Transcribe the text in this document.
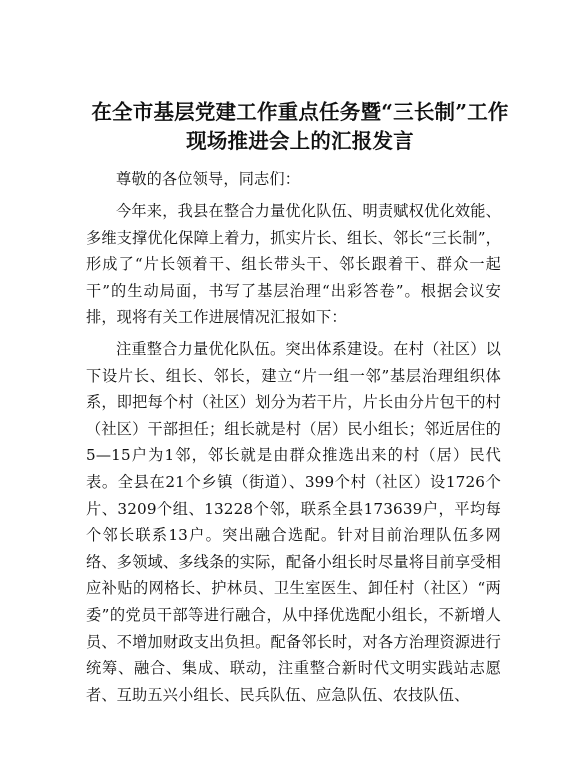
在全市基层党建工作重点任务暨“三长制”工作现场推进会上的汇报发言

尊敬的各位领导，同志们：

今年来，我县在整合力量优化队伍、明责赋权优化效能、多维支撑优化保障上着力，抓实片长、组长、邻长“三长制”，形成了“片长领着干、组长带头干、邻长跟着干、群众一起干”的生动局面，书写了基层治理“出彩答卷”。根据会议安排，现将有关工作进展情况汇报如下：

注重整合力量优化队伍。突出体系建设。在村（社区）以下设片长、组长、邻长，建立“片一组一邻”基层治理组织体系，即把每个村（社区）划分为若干片，片长由分片包干的村（社区）干部担任；组长就是村（居）民小组长；邻近居住的5—15户为1邻，邻长就是由群众推选出来的村（居）民代表。全县在21个乡镇（街道）、399个村（社区）设1726个片、3209个组、13228个邻，联系全县173639户，平均每个邻长联系13户。突出融合选配。针对目前治理队伍多网络、多领域、多线条的实际，配备小组长时尽量将目前享受相应补贴的网格长、护林员、卫生室医生、卸任村（社区）“两委”的党员干部等进行融合，从中择优选配小组长，不新增人员、不增加财政支出负担。配备邻长时，对各方治理资源进行统筹、融合、集成、联动，注重整合新时代文明实践站志愿者、互助五兴小组长、民兵队伍、应急队伍、农技队伍、
